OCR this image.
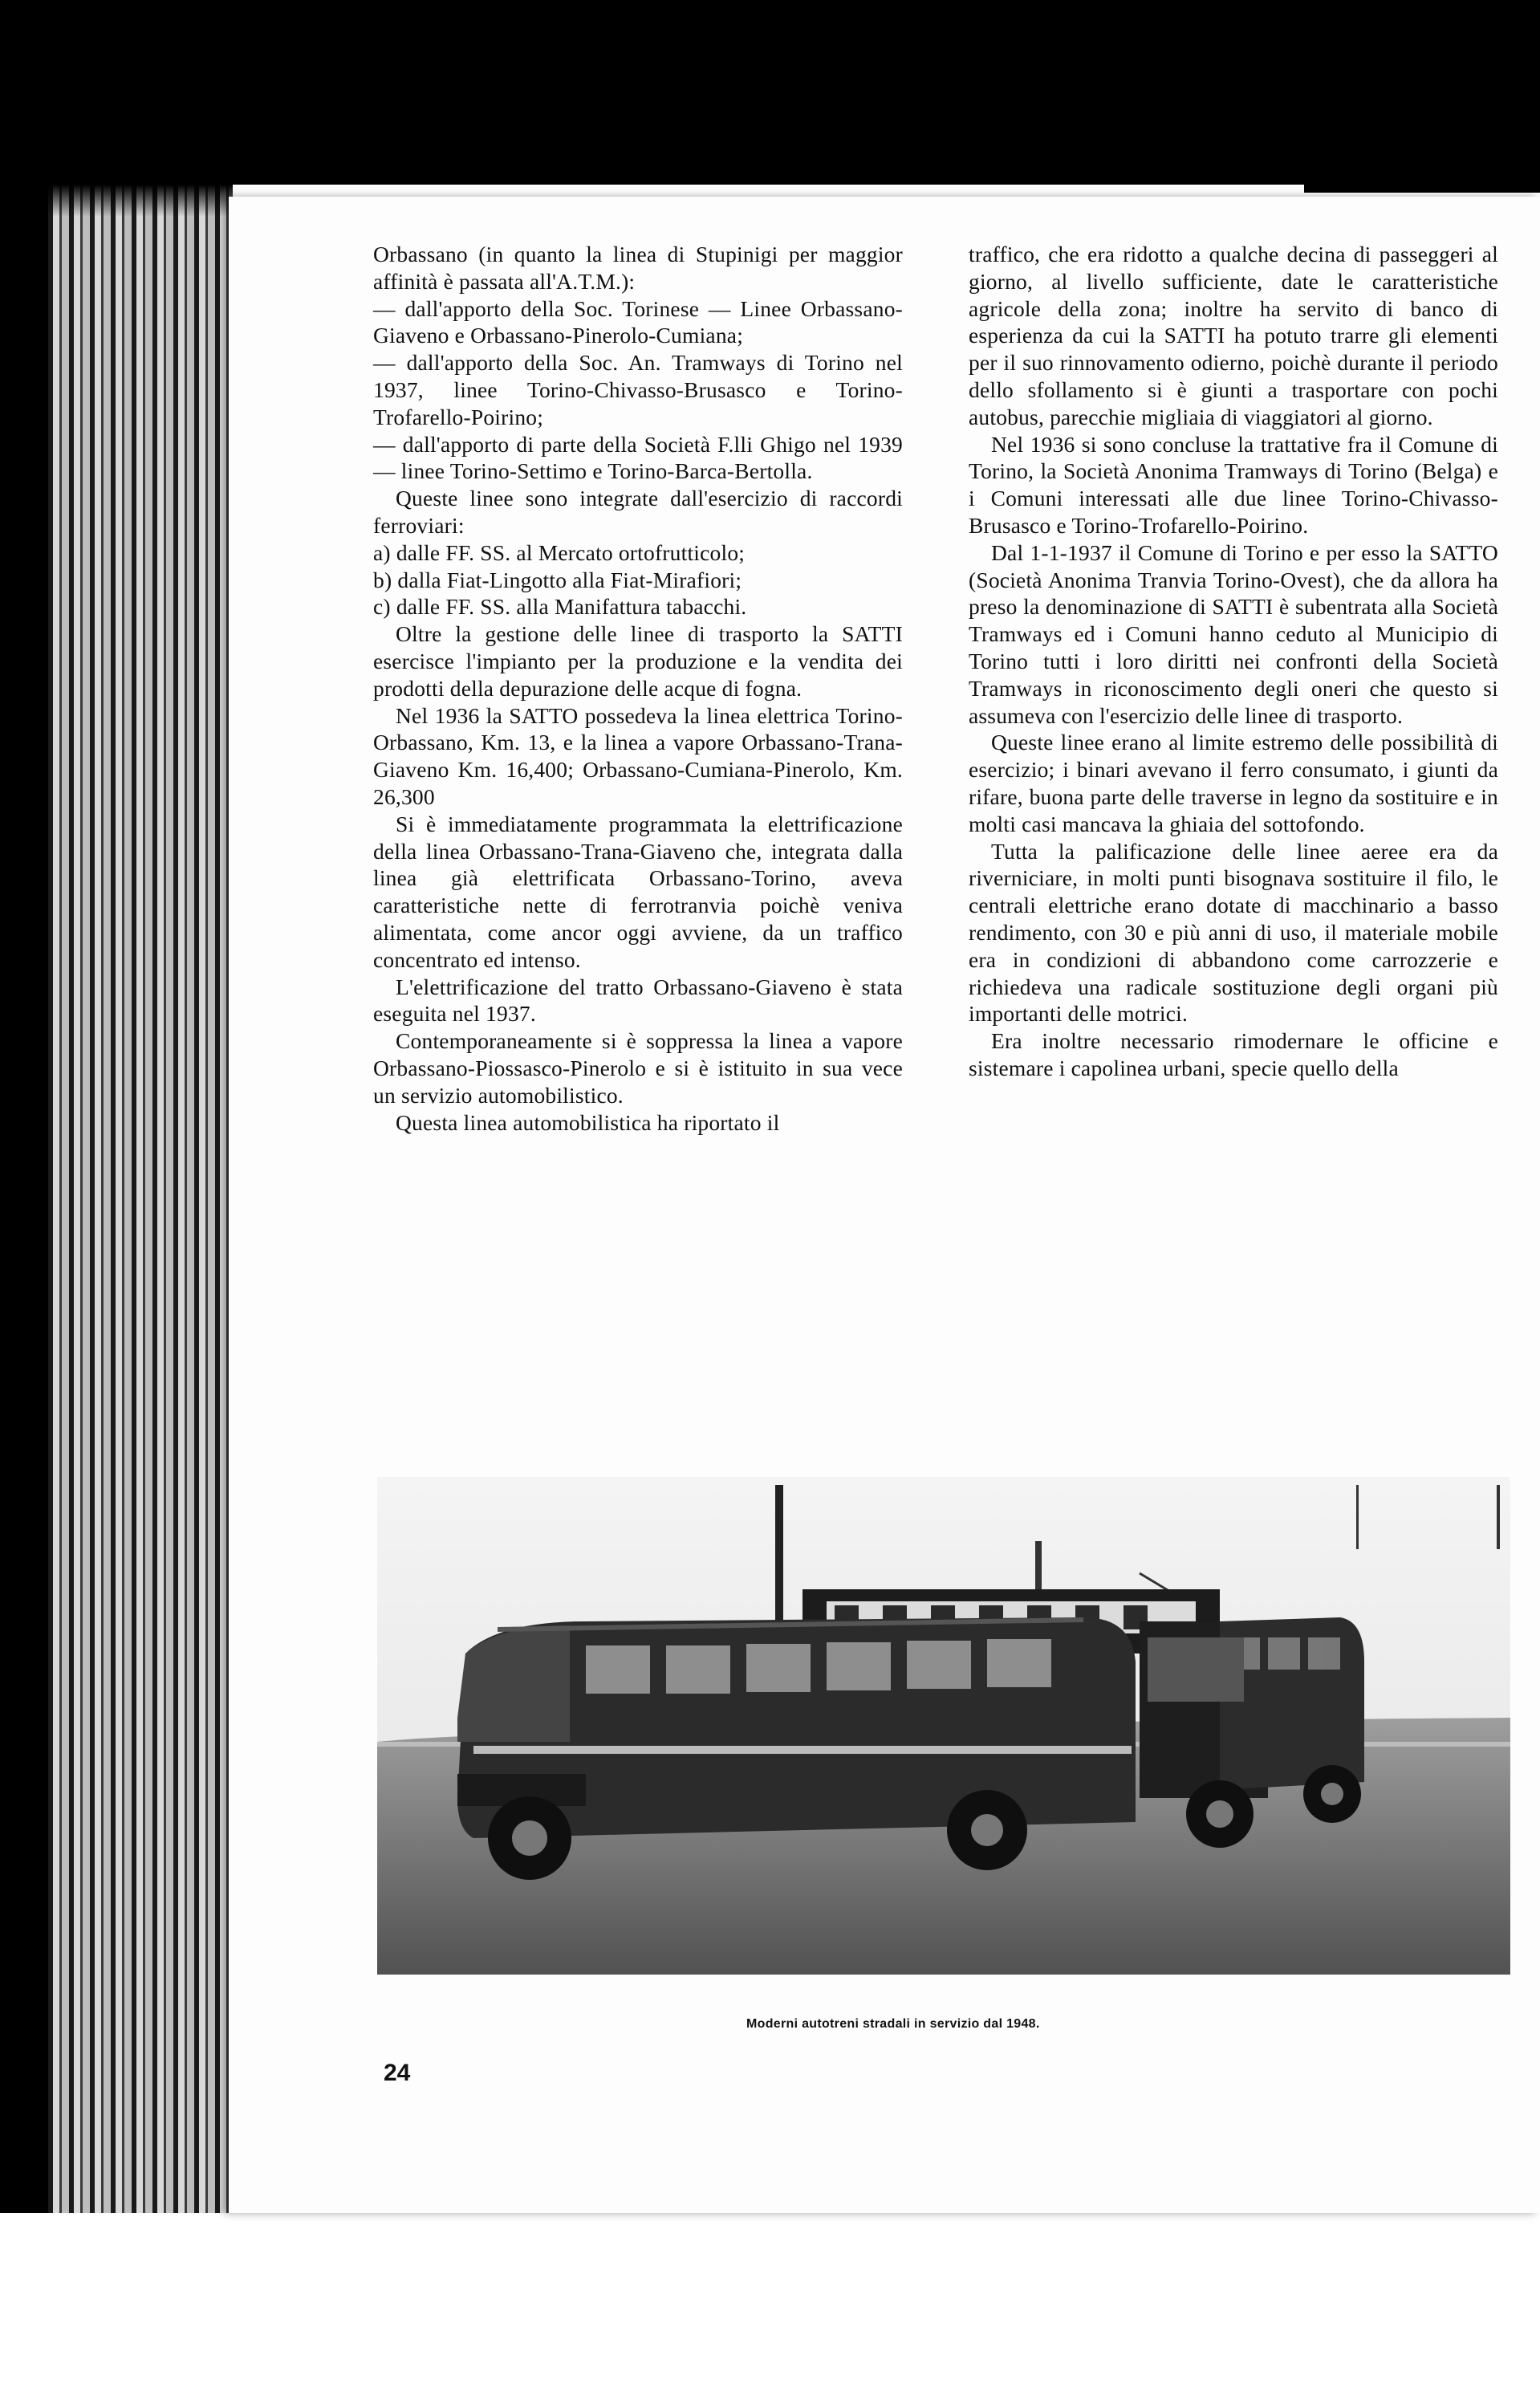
Orbassano (in quanto la linea di Stupinigi per maggior affinità è passata all'A.T.M.):

— dall'apporto della Soc. Torinese — Linee Orbassano-Giaveno e Orbassano-Pinerolo-Cumiana;

— dall'apporto della Soc. An. Tramways di Torino nel 1937, linee Torino-Chivasso-Brusasco e Torino-Trofarello-Poirino;

— dall'apporto di parte della Società F.lli Ghigo nel 1939 — linee Torino-Settimo e Torino-Barca-Bertolla.

Queste linee sono integrate dall'esercizio di raccordi ferroviari:

a) dalle FF. SS. al Mercato ortofrutticolo;

b) dalla Fiat-Lingotto alla Fiat-Mirafiori;

c) dalle FF. SS. alla Manifattura tabacchi.

Oltre la gestione delle linee di trasporto la SATTI esercisce l'impianto per la produzione e la vendita dei prodotti della depurazione delle acque di fogna.

Nel 1936 la SATTO possedeva la linea elettrica Torino-Orbassano, Km. 13, e la linea a vapore Orbassano-Trana-Giaveno Km. 16,400; Orbassano-Cumiana-Pinerolo, Km. 26,300

Si è immediatamente programmata la elettrificazione della linea Orbassano-Trana-Giaveno che, integrata dalla linea già elettrificata Orbassano-Torino, aveva caratteristiche nette di ferrotranvia poichè veniva alimentata, come ancor oggi avviene, da un traffico concentrato ed intenso.

L'elettrificazione del tratto Orbassano-Giaveno è stata eseguita nel 1937.

Contemporaneamente si è soppressa la linea a vapore Orbassano-Piossasco-Pinerolo e si è istituito in sua vece un servizio automobilistico.

Questa linea automobilistica ha riportato il

traffico, che era ridotto a qualche decina di passeggeri al giorno, al livello sufficiente, date le caratteristiche agricole della zona; inoltre ha servito di banco di esperienza da cui la SATTI ha potuto trarre gli elementi per il suo rinnovamento odierno, poichè durante il periodo dello sfollamento si è giunti a trasportare con pochi autobus, parecchie migliaia di viaggiatori al giorno.

Nel 1936 si sono concluse la trattative fra il Comune di Torino, la Società Anonima Tramways di Torino (Belga) e i Comuni interessati alle due linee Torino-Chivasso-Brusasco e Torino-Trofarello-Poirino.

Dal 1-1-1937 il Comune di Torino e per esso la SATTO (Società Anonima Tranvia Torino-Ovest), che da allora ha preso la denominazione di SATTI è subentrata alla Società Tramways ed i Comuni hanno ceduto al Municipio di Torino tutti i loro diritti nei confronti della Società Tramways in riconoscimento degli oneri che questo si assumeva con l'esercizio delle linee di trasporto.

Queste linee erano al limite estremo delle possibilità di esercizio; i binari avevano il ferro consumato, i giunti da rifare, buona parte delle traverse in legno da sostituire e in molti casi mancava la ghiaia del sottofondo.

Tutta la palificazione delle linee aeree era da riverniciare, in molti punti bisognava sostituire il filo, le centrali elettriche erano dotate di macchinario a basso rendimento, con 30 e più anni di uso, il materiale mobile era in condizioni di abbandono come carrozzerie e richiedeva una radicale sostituzione degli organi più importanti delle motrici.

Era inoltre necessario rimodernare le officine e sistemare i capolinea urbani, specie quello della

Moderni autotreni stradali in servizio dal 1948.
24
